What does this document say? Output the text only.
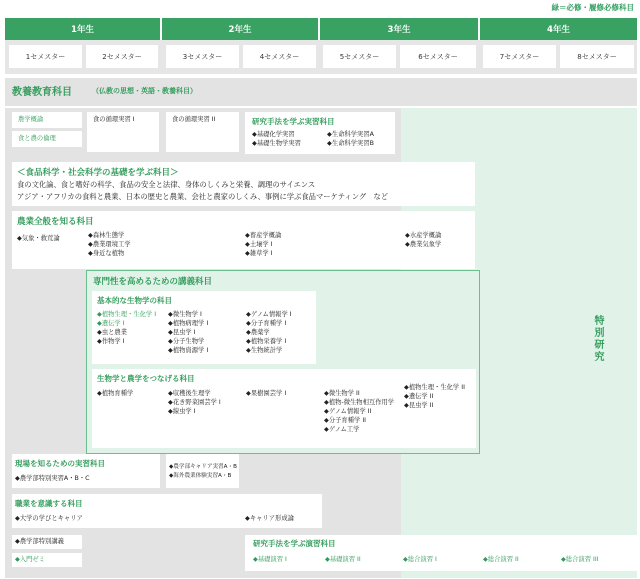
緑＝必修・履修必修科目
1年生	2年生	3年生	4年生
1セメスター	2セメスター	3セメスター	4セメスター	5セメスター	6セメスター	7セメスター	8セメスター
教養教育科目	（仏教の思想・英語・教養科目）
特別研究
農学概論
食と農の倫理
食の循環実習 I	食の循環実習 II	研究手法を学ぶ実習科目
◆基礎化学実習
◆基礎生物学実習
◆生命科学実習A
◆生命科学実習B
＜食品科学・社会科学の基礎を学ぶ科目＞
食の文化論、食と嗜好の科学、食品の安全と法律、身体のしくみと栄養、調理のサイエンス
アジア・アフリカの食料と農業、日本の歴史と農業、会社と農家のしくみ、事例に学ぶ食品マーケティング　など
農業全般を知る科目
◆気象・救荒論	◆森林生態学
◆農業環境工学
◆身近な植物
◆畜産学概論
◆土壌学 I
◆雑草学 I
◆水産学概論
◆農業気象学
専門性を高めるための講義科目
基本的な生物学の科目
◆植物生理・生化学 I
◆遺伝学 I
◆虫と農業
◆作物学 I
◆微生物学 I
◆植物病理学 I
◆昆虫学 I
◆分子生物学
◆植物資源学 I
◆ゲノム情報学 I
◆分子育種学 I
◆農薬学
◆植物栄養学 I
◆生物統計学
生物学と農学をつなげる科目
◆植物育種学	◆収穫後生理学
◆花き野菜園芸学 I
◆線虫学 I
◆果樹園芸学 I	◆微生物学 II
◆植物-微生物相互作用学
◆ゲノム情報学 II
◆分子育種学 II
◆ゲノム工学
◆植物生理・生化学 II
◆遺伝学 II
◆昆虫学 II
現場を知るための実習科目
◆農学部特別実習A・B・C
◆農学部キャリア実習A・B
◆海外農業体験実習A・B
職業を意識する科目
◆大学の学びとキャリア	◆キャリア形成論
◆農学部特別講義
◆入門ゼミ
研究手法を学ぶ演習科目
◆基礎演習 I	◆基礎演習 II	◆総合演習 I	◆総合演習 II	◆総合演習 III
